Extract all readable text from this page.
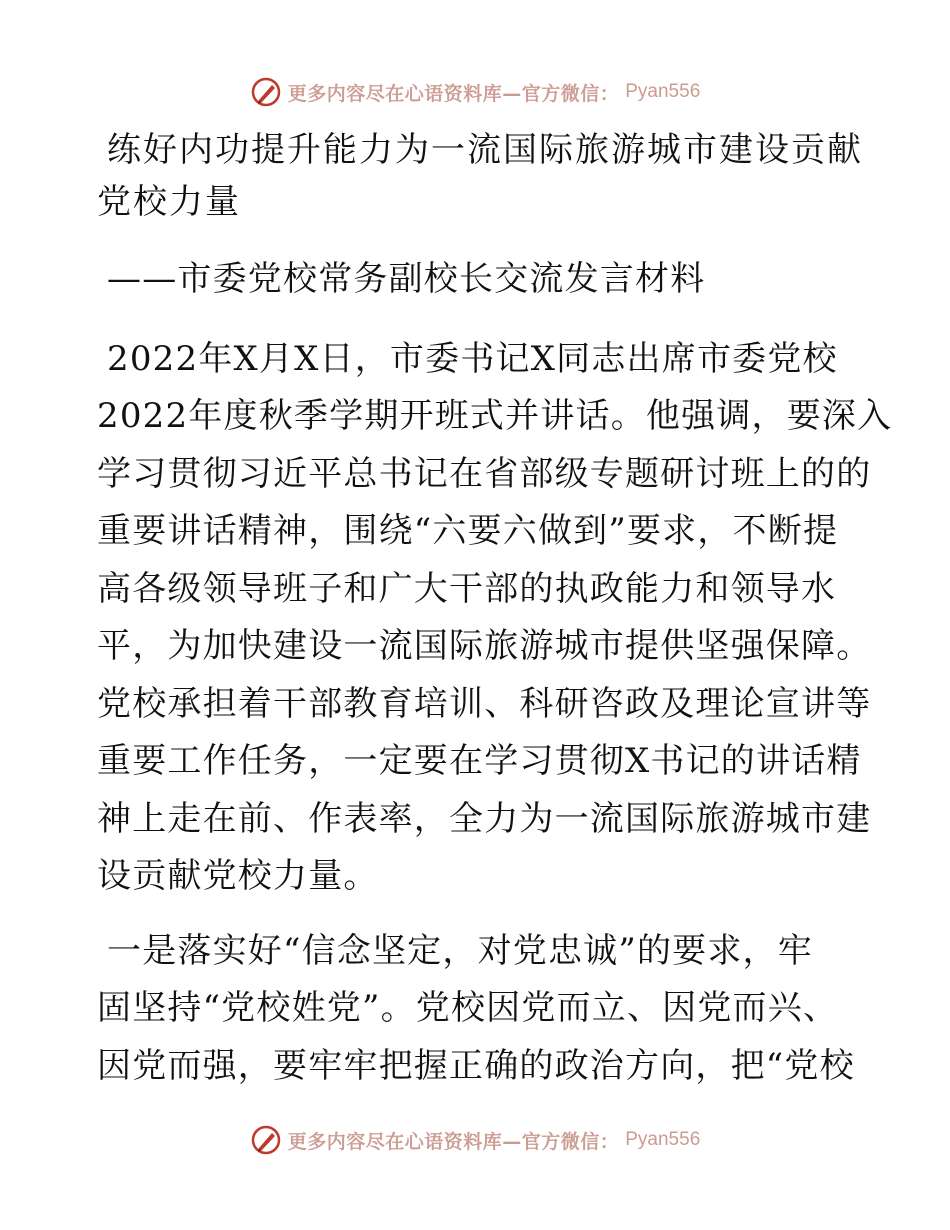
更多内容尽在心语资料库—官方微信： Pyan556
练好内功提升能力为一流国际旅游城市建设贡献
党校力量
——市委党校常务副校长交流发言材料
2022年X月X日，市委书记X同志出席市委党校
2022年度秋季学期开班式并讲话。他强调，要深入
学习贯彻习近平总书记在省部级专题研讨班上的的
重要讲话精神，围绕“六要六做到”要求，不断提
高各级领导班子和广大干部的执政能力和领导水
平，为加快建设一流国际旅游城市提供坚强保障。
党校承担着干部教育培训、科研咨政及理论宣讲等
重要工作任务，一定要在学习贯彻X书记的讲话精
神上走在前、作表率，全力为一流国际旅游城市建
设贡献党校力量。
一是落实好“信念坚定，对党忠诚”的要求，牢
固坚持“党校姓党”。党校因党而立、因党而兴、
因党而强，要牢牢把握正确的政治方向，把“党校
更多内容尽在心语资料库—官方微信： Pyan556
